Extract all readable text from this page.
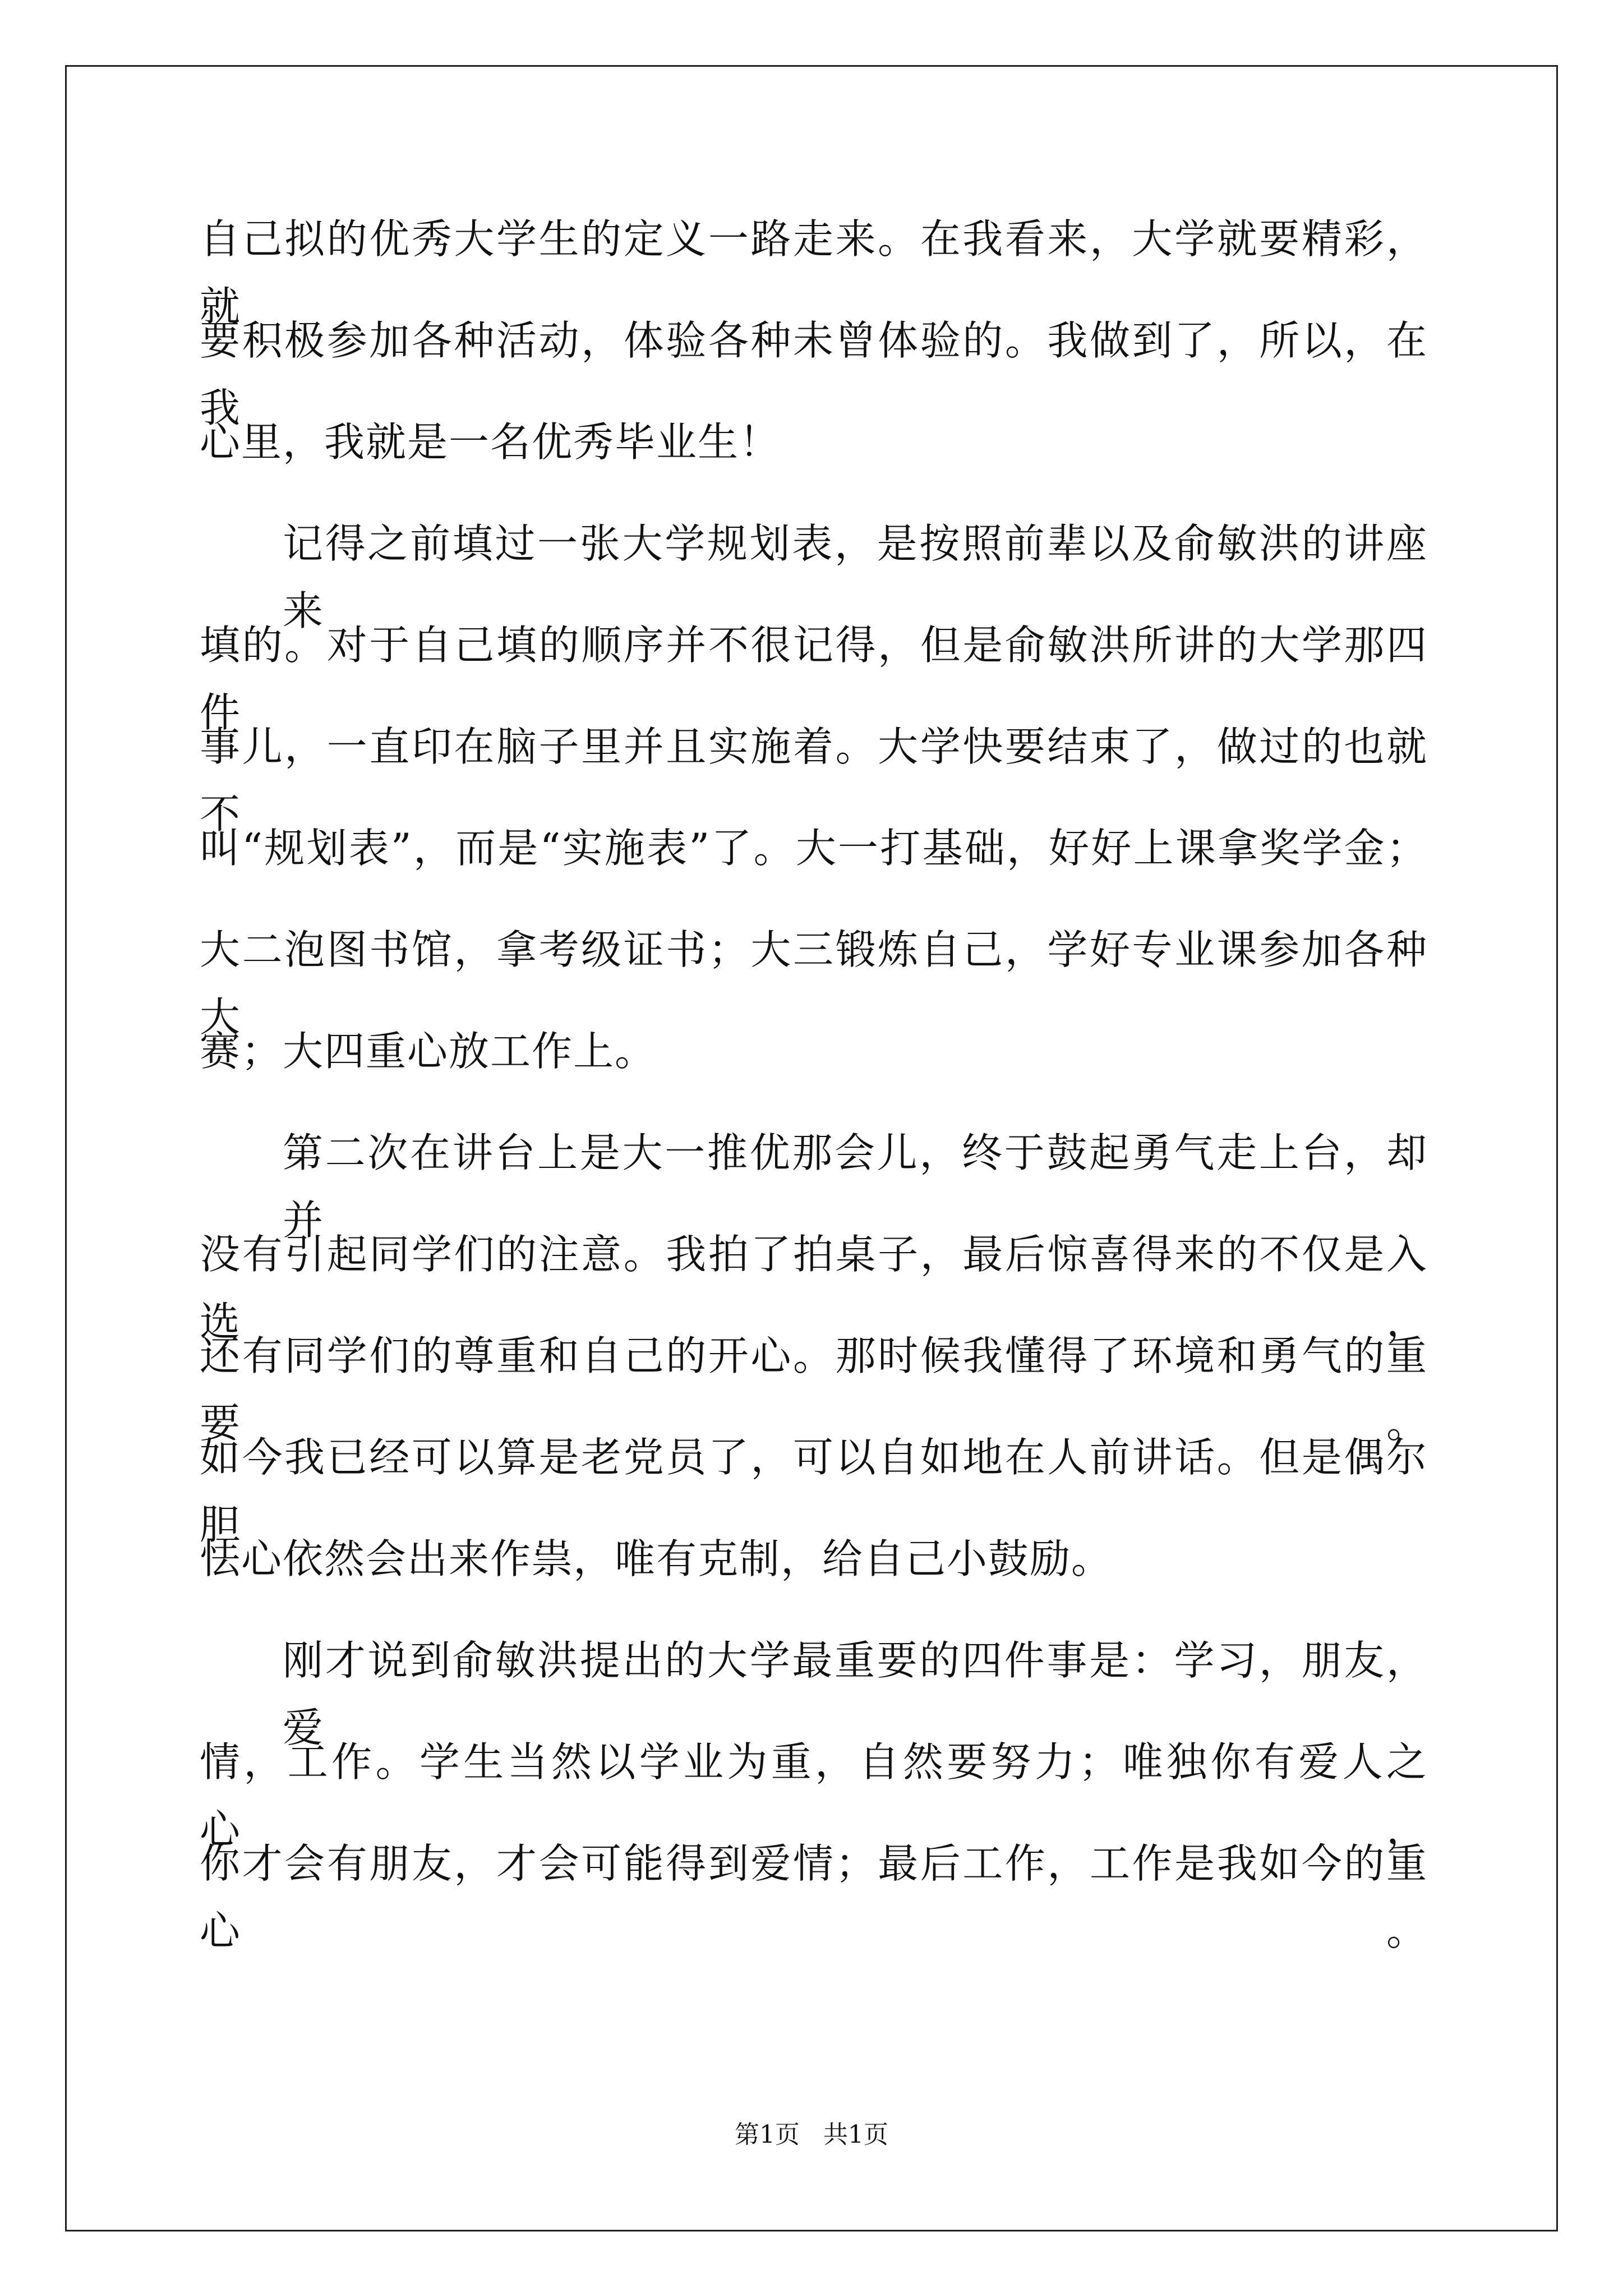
自己拟的优秀大学生的定义一路走来。在我看来，大学就要精彩，就
要积极参加各种活动，体验各种未曾体验的。我做到了，所以，在我
心里，我就是一名优秀毕业生！
记得之前填过一张大学规划表，是按照前辈以及俞敏洪的讲座来
填的。对于自己填的顺序并不很记得，但是俞敏洪所讲的大学那四件
事儿，一直印在脑子里并且实施着。大学快要结束了，做过的也就不
叫“规划表”，而是“实施表”了。大一打基础，好好上课拿奖学金；
大二泡图书馆，拿考级证书；大三锻炼自己，学好专业课参加各种大
赛；大四重心放工作上。
第二次在讲台上是大一推优那会儿，终于鼓起勇气走上台，却并
没有引起同学们的注意。我拍了拍桌子，最后惊喜得来的不仅是入选，
还有同学们的尊重和自己的开心。那时候我懂得了环境和勇气的重要。
如今我已经可以算是老党员了，可以自如地在人前讲话。但是偶尔胆
怯心依然会出来作祟，唯有克制，给自己小鼓励。
刚才说到俞敏洪提出的大学最重要的四件事是：学习，朋友，爱
情，工作。学生当然以学业为重，自然要努力；唯独你有爱人之心，
你才会有朋友，才会可能得到爱情；最后工作，工作是我如今的重心。
第1页 共1页
